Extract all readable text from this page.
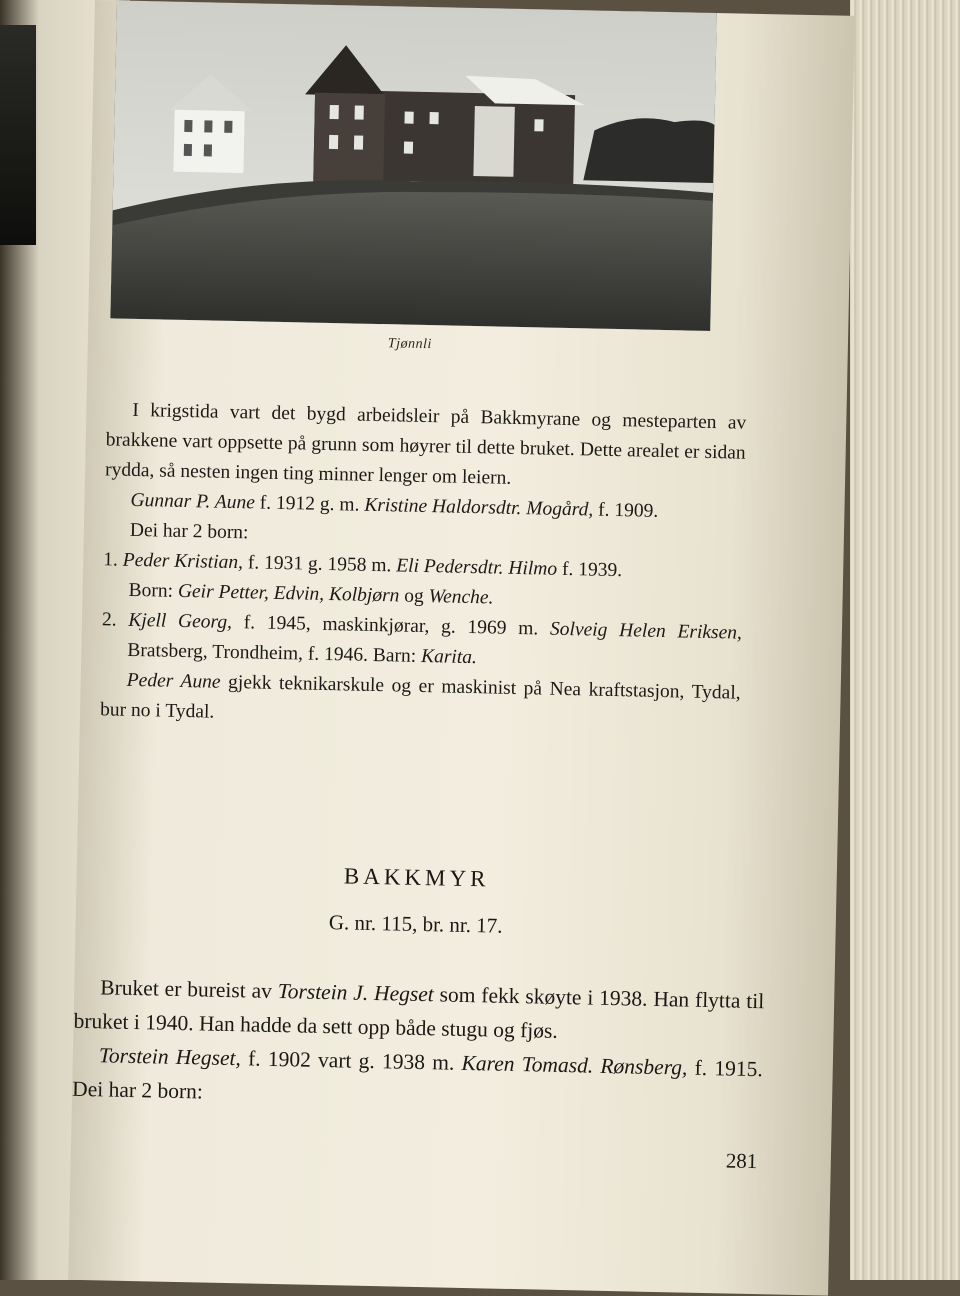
Tjønnli

I krigstida vart det bygd arbeidsleir på Bakkmyrane og mesteparten av brakkene vart oppsette på grunn som høyrer til dette bruket. Dette arealet er sidan rydda, så nesten ingen ting minner lenger om leiern.

Gunnar P. Aune f. 1912 g. m. Kristine Haldorsdtr. Mogård, f. 1909.

Dei har 2 born:

1. Peder Kristian, f. 1931 g. 1958 m. Eli Pedersdtr. Hilmo f. 1939.
Born: Geir Petter, Edvin, Kolbjørn og Wenche.

2. Kjell Georg, f. 1945, maskinkjørar, g. 1969 m. Solveig Helen Eriksen, Bratsberg, Trondheim, f. 1946. Barn: Karita.

Peder Aune gjekk teknikarskule og er maskinist på Nea kraftstasjon, Tydal, bur no i Tydal.

BAKKMYR
G. nr. 115, br. nr. 17.

Bruket er bureist av Torstein J. Hegset som fekk skøyte i 1938. Han flytta til bruket i 1940. Han hadde da sett opp både stugu og fjøs.

Torstein Hegset, f. 1902 vart g. 1938 m. Karen Tomasd. Rønsberg, f. 1915. Dei har 2 born:

281
